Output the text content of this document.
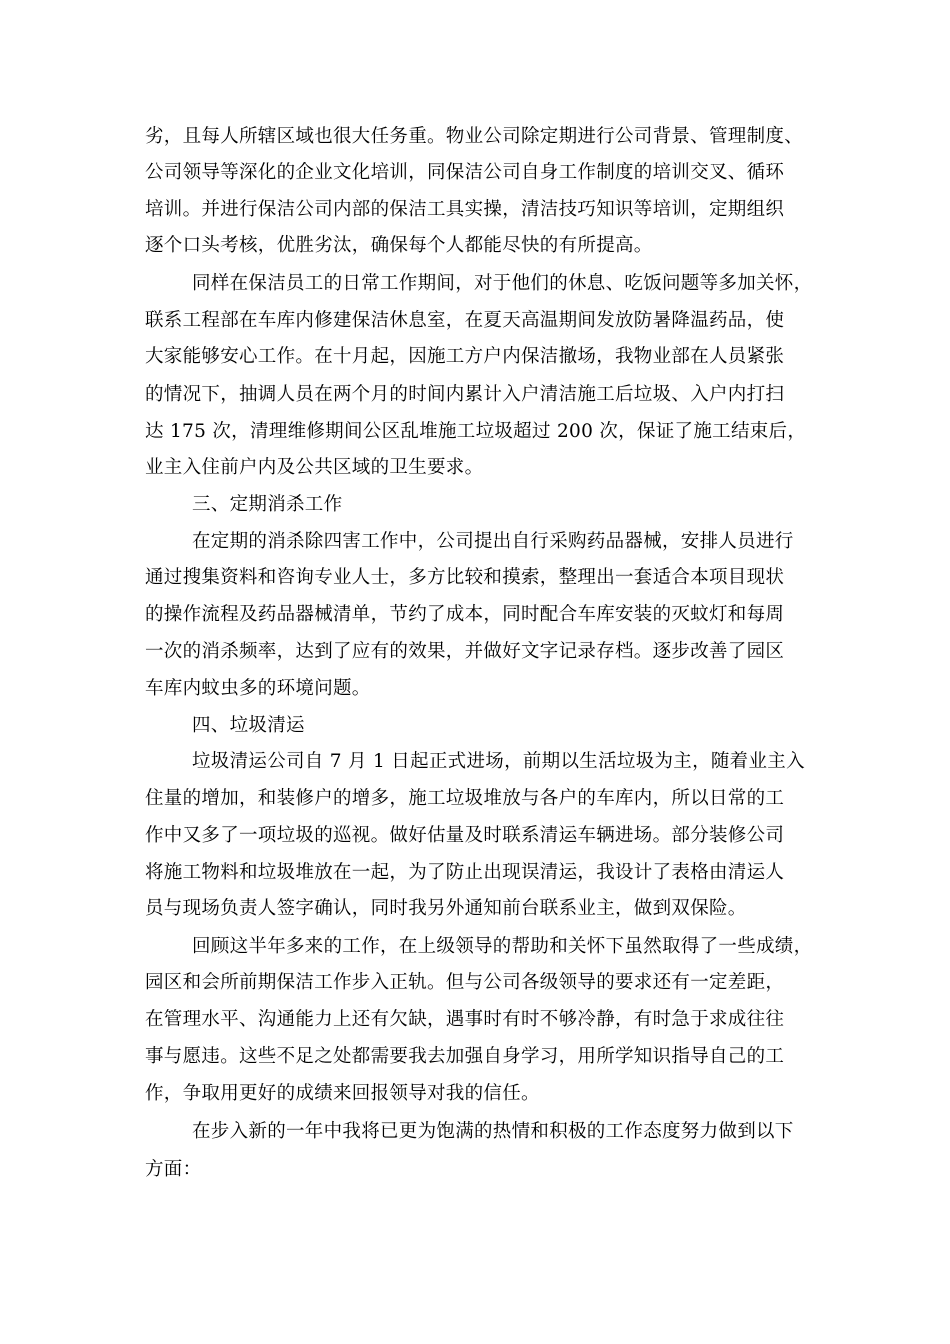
劣，且每人所辖区域也很大任务重。物业公司除定期进行公司背景、管理制度、
公司领导等深化的企业文化培训，同保洁公司自身工作制度的培训交叉、循环
培训。并进行保洁公司内部的保洁工具实操，清洁技巧知识等培训，定期组织
逐个口头考核，优胜劣汰，确保每个人都能尽快的有所提高。
同样在保洁员工的日常工作期间，对于他们的休息、吃饭问题等多加关怀，
联系工程部在车库内修建保洁休息室，在夏天高温期间发放防暑降温药品，使
大家能够安心工作。在十月起，因施工方户内保洁撤场，我物业部在人员紧张
的情况下，抽调人员在两个月的时间内累计入户清洁施工后垃圾、入户内打扫
达 175 次，清理维修期间公区乱堆施工垃圾超过 200 次，保证了施工结束后，
业主入住前户内及公共区域的卫生要求。
三、定期消杀工作
在定期的消杀除四害工作中，公司提出自行采购药品器械，安排人员进行
通过搜集资料和咨询专业人士，多方比较和摸索，整理出一套适合本项目现状
的操作流程及药品器械清单，节约了成本，同时配合车库安装的灭蚊灯和每周
一次的消杀频率，达到了应有的效果，并做好文字记录存档。逐步改善了园区
车库内蚊虫多的环境问题。
四、垃圾清运
垃圾清运公司自 7 月 1 日起正式进场，前期以生活垃圾为主，随着业主入
住量的增加，和装修户的增多，施工垃圾堆放与各户的车库内，所以日常的工
作中又多了一项垃圾的巡视。做好估量及时联系清运车辆进场。部分装修公司
将施工物料和垃圾堆放在一起，为了防止出现误清运，我设计了表格由清运人
员与现场负责人签字确认，同时我另外通知前台联系业主，做到双保险。
回顾这半年多来的工作，在上级领导的帮助和关怀下虽然取得了一些成绩，
园区和会所前期保洁工作步入正轨。但与公司各级领导的要求还有一定差距，
在管理水平、沟通能力上还有欠缺，遇事时有时不够冷静，有时急于求成往往
事与愿违。这些不足之处都需要我去加强自身学习，用所学知识指导自己的工
作，争取用更好的成绩来回报领导对我的信任。
在步入新的一年中我将已更为饱满的热情和积极的工作态度努力做到以下
方面：
